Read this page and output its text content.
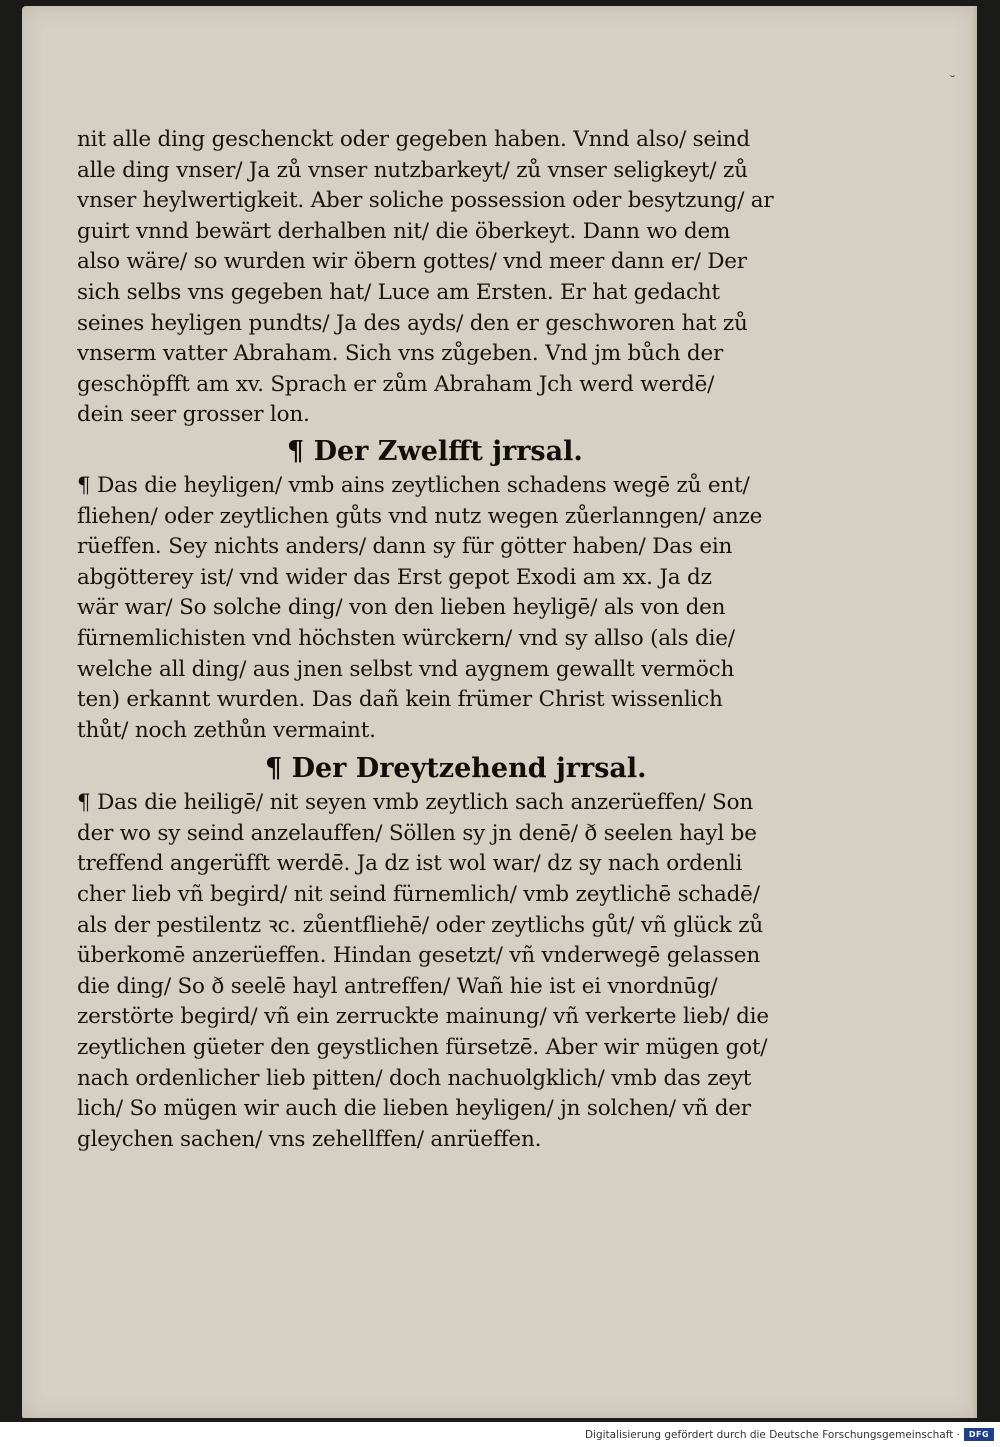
˘
nit alle ding geschenckt oder gegeben haben. Vnnd also/ seind
alle ding vnser/ Ja zů vnser nutzbarkeyt/ zů vnser seligkeyt/ zů
vnser heylwertigkeit. Aber soliche possession oder besytzung/ ar
guirt vnnd bewärt derhalben nit/ die öberkeyt. Dann wo dem
also wäre/ so wurden wir öbern gottes/ vnd meer dann er/ Der
sich selbs vns gegeben hat/ Luce am Ersten. Er hat gedacht
seines heyligen pundts/ Ja des ayds/ den er geschworen hat zů
vnserm vatter Abraham. Sich vns zůgeben. Vnd jm bůch der
geschöpfft am xv. Sprach er zům Abraham Jch werd werdē/
dein seer grosser lon.
¶ Der Zwelfft jrrsal.
¶ Das die heyligen/ vmb ains zeytlichen schadens wegē zů ent/
fliehen/ oder zeytlichen gůts vnd nutz wegen zůerlanngen/ anze
rüeffen. Sey nichts anders/ dann sy für götter haben/ Das ein
abgötterey ist/ vnd wider das Erst gepot Exodi am xx. Ja dz
wär war/ So solche ding/ von den lieben heyligē/ als von den
fürnemlichisten vnd höchsten würckern/ vnd sy allso (als die/
welche all ding/ aus jnen selbst vnd aygnem gewallt vermöch
ten) erkannt wurden. Das dañ kein frümer Christ wissenlich
thůt/ noch zethůn vermaint.
¶ Der Dreytzehend jrrsal.
¶ Das die heiligē/ nit seyen vmb zeytlich sach anzerüeffen/ Son
der wo sy seind anzelauffen/ Söllen sy jn denē/ ð seelen hayl be
treffend angerüfft werdē. Ja dz ist wol war/ dz sy nach ordenli
cher lieb vñ begird/ nit seind fürnemlich/ vmb zeytlichē schadē/
als der pestilentz ꝛc. zůentfliehē/ oder zeytlichs gůt/ vñ glück zů
überkomē anzerüeffen. Hindan gesetzt/ vñ vnderwegē gelassen
die ding/ So ð seelē hayl antreffen/ Wañ hie ist ei vnordnūg/
zerstörte begird/ vñ ein zerruckte mainung/ vñ verkerte lieb/ die
zeytlichen güeter den geystlichen fürsetzē. Aber wir mügen got/
nach ordenlicher lieb pitten/ doch nachuolgklich/ vmb das zeyt
lich/ So mügen wir auch die lieben heyligen/ jn solchen/ vñ der
gleychen sachen/ vns zehellffen/ anrüeffen.
Digitalisierung gefördert durch die Deutsche Forschungsgemeinschaft ·	DFG
